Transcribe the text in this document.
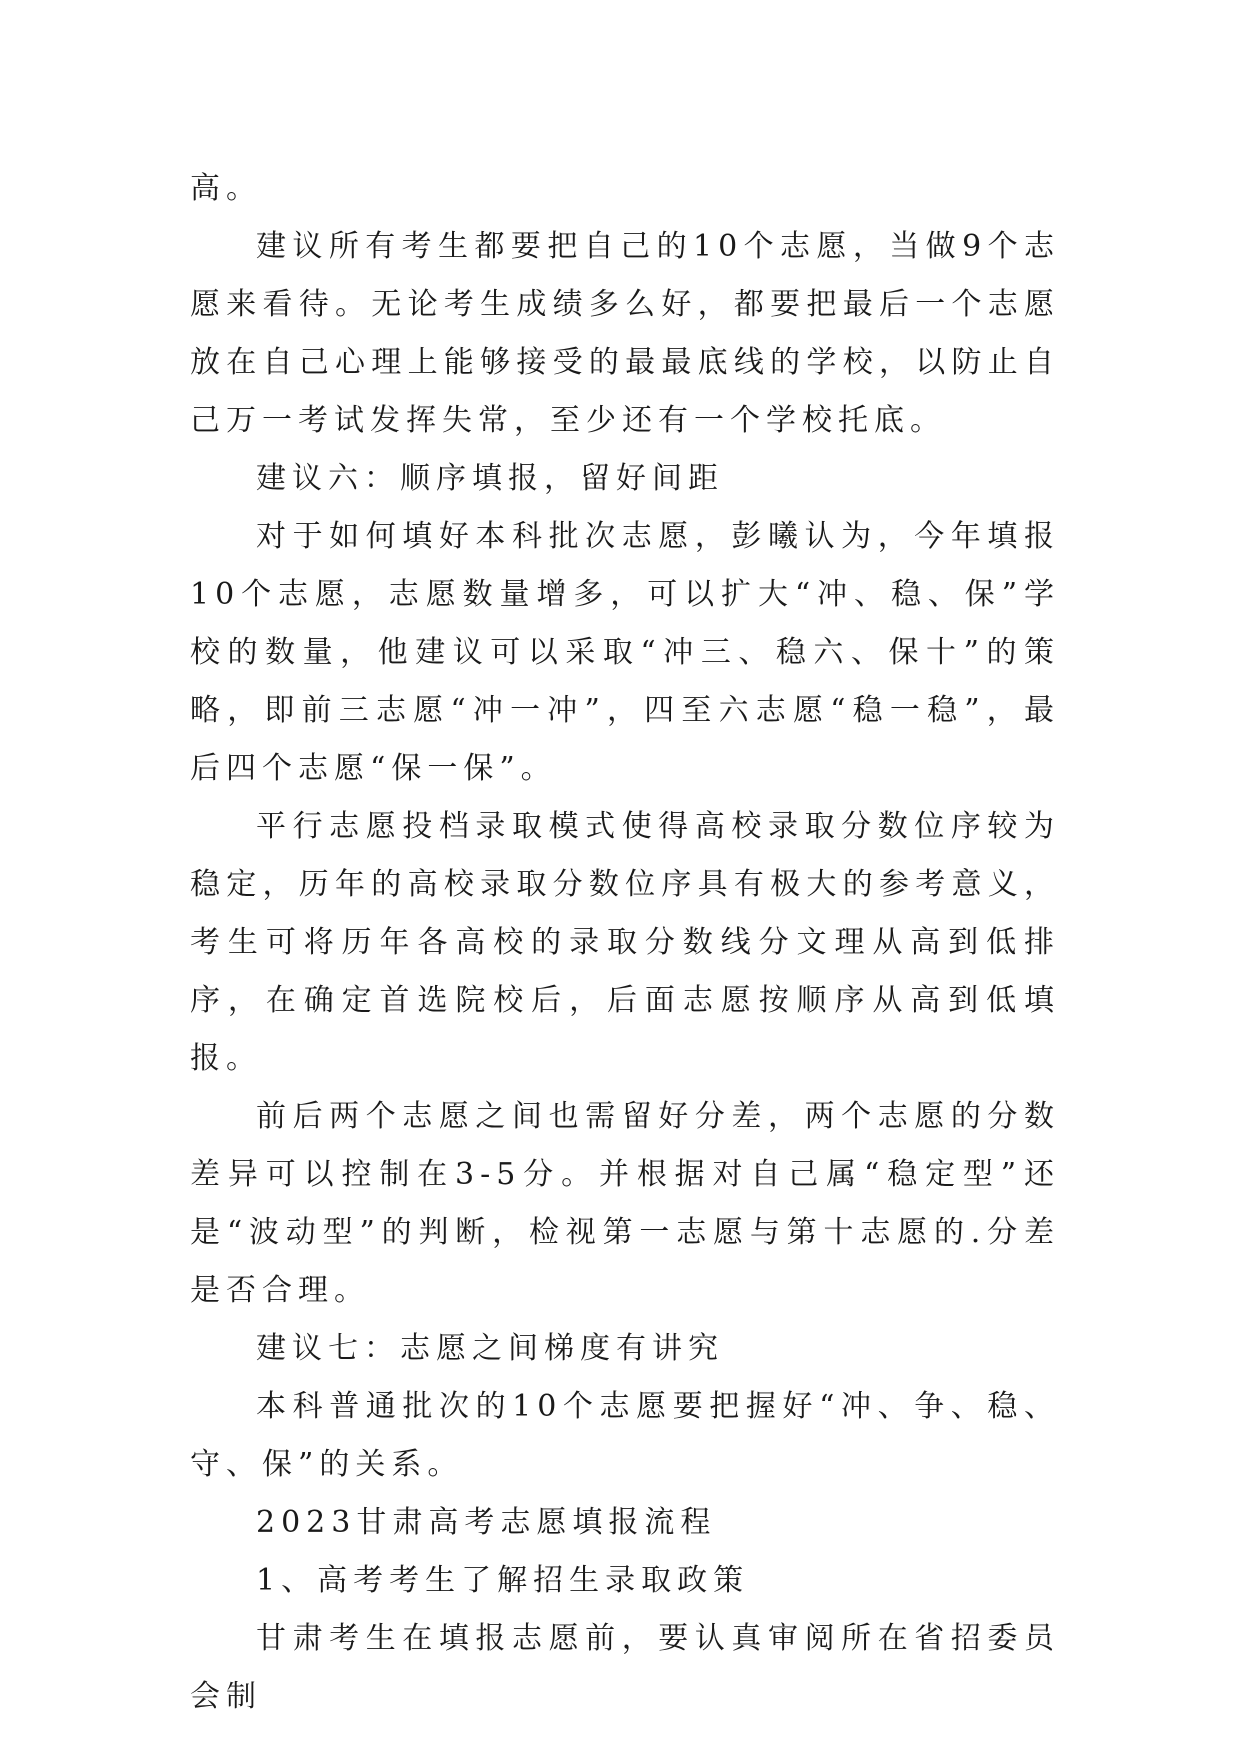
高。

建议所有考生都要把自己的10个志愿，当做9个志愿来看待。无论考生成绩多么好，都要把最后一个志愿放在自己心理上能够接受的最最底线的学校，以防止自己万一考试发挥失常，至少还有一个学校托底。

建议六：顺序填报，留好间距

对于如何填好本科批次志愿，彭曦认为，今年填报10个志愿，志愿数量增多，可以扩大“冲、稳、保”学校的数量，他建议可以采取“冲三、稳六、保十”的策略，即前三志愿“冲一冲”，四至六志愿“稳一稳”，最后四个志愿“保一保”。

平行志愿投档录取模式使得高校录取分数位序较为稳定，历年的高校录取分数位序具有极大的参考意义，考生可将历年各高校的录取分数线分文理从高到低排序，在确定首选院校后，后面志愿按顺序从高到低填报。

前后两个志愿之间也需留好分差，两个志愿的分数差异可以控制在3-5分。并根据对自己属“稳定型”还是“波动型”的判断，检视第一志愿与第十志愿的.分差是否合理。

建议七：志愿之间梯度有讲究

本科普通批次的10个志愿要把握好“冲、争、稳、守、保”的关系。

2023甘肃高考志愿填报流程

1、高考考生了解招生录取政策

甘肃考生在填报志愿前，要认真审阅所在省招委员会制
